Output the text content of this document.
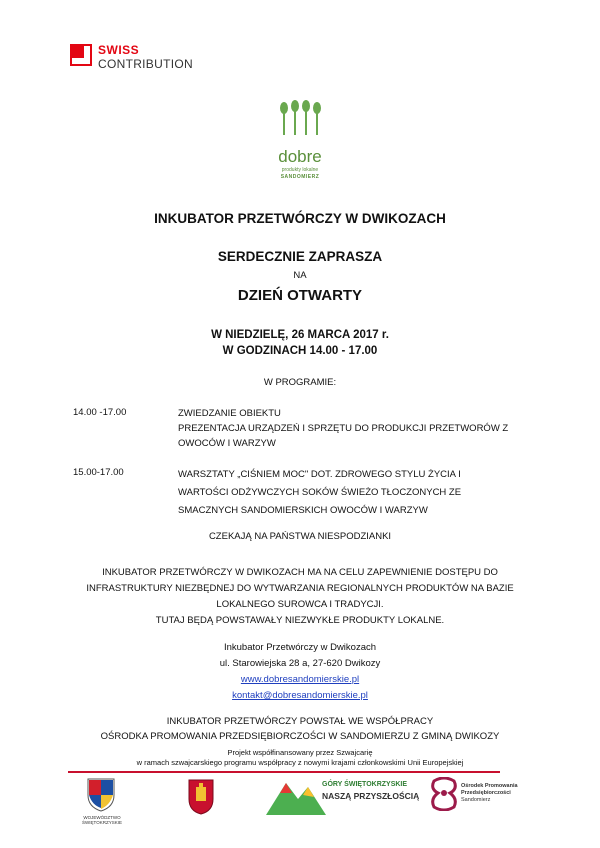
SWISS
CONTRIBUTION
dobre
produkty lokalne
SANDOMIERZ
INKUBATOR PRZETWÓRCZY W DWIKOZACH
SERDECZNIE ZAPRASZA
NA
DZIEŃ OTWARTY
W NIEDZIELĘ, 26 MARCA 2017 r.
W GODZINACH 14.00 - 17.00
W PROGRAMIE:
14.00 -17.00	ZWIEDZANIE OBIEKTU
PREZENTACJA URZĄDZEŃ I SPRZĘTU DO PRODUKCJI PRZETWORÓW Z
OWOCÓW I WARZYW
15.00-17.00	WARSZTATY „CIŚNIEM MOC" DOT. ZDROWEGO STYLU ŻYCIA I
WARTOŚCI ODŻYWCZYCH SOKÓW ŚWIEŻO TŁOCZONYCH ZE
SMACZNYCH SANDOMIERSKICH OWOCÓW I WARZYW
CZEKAJĄ NA PAŃSTWA NIESPODZIANKI
INKUBATOR PRZETWÓRCZY W DWIKOZACH MA NA CELU ZAPEWNIENIE DOSTĘPU DO
INFRASTRUKTURY NIEZBĘDNEJ DO WYTWARZANIA REGIONALNYCH PRODUKTÓW NA BAZIE
LOKALNEGO SUROWCA I TRADYCJI.
TUTAJ BĘDĄ POWSTAWAŁY NIEZWYKŁE PRODUKTY LOKALNE.
Inkubator Przetwórczy w Dwikozach
ul. Starowiejska 28 a, 27-620 Dwikozy
www.dobresandomierskie.pl
kontakt@dobresandomierskie.pl
INKUBATOR PRZETWÓRCZY POWSTAŁ WE WSPÓŁPRACY
OŚRODKA PROMOWANIA PRZEDSIĘBIORCZOŚCI W SANDOMIERZU Z GMINĄ DWIKOZY
Projekt współfinansowany przez Szwajcarię
w ramach szwajcarskiego programu współpracy z nowymi krajami członkowskimi Unii Europejskiej
WOJEWÓDZTWO ŚWIĘTOKRZYSKIE
GÓRY ŚWIĘTOKRZYSKIE
NASZĄ PRZYSZŁOŚCIĄ
Ośrodek Promowania
Przedsiębiorczości
Sandomierz
